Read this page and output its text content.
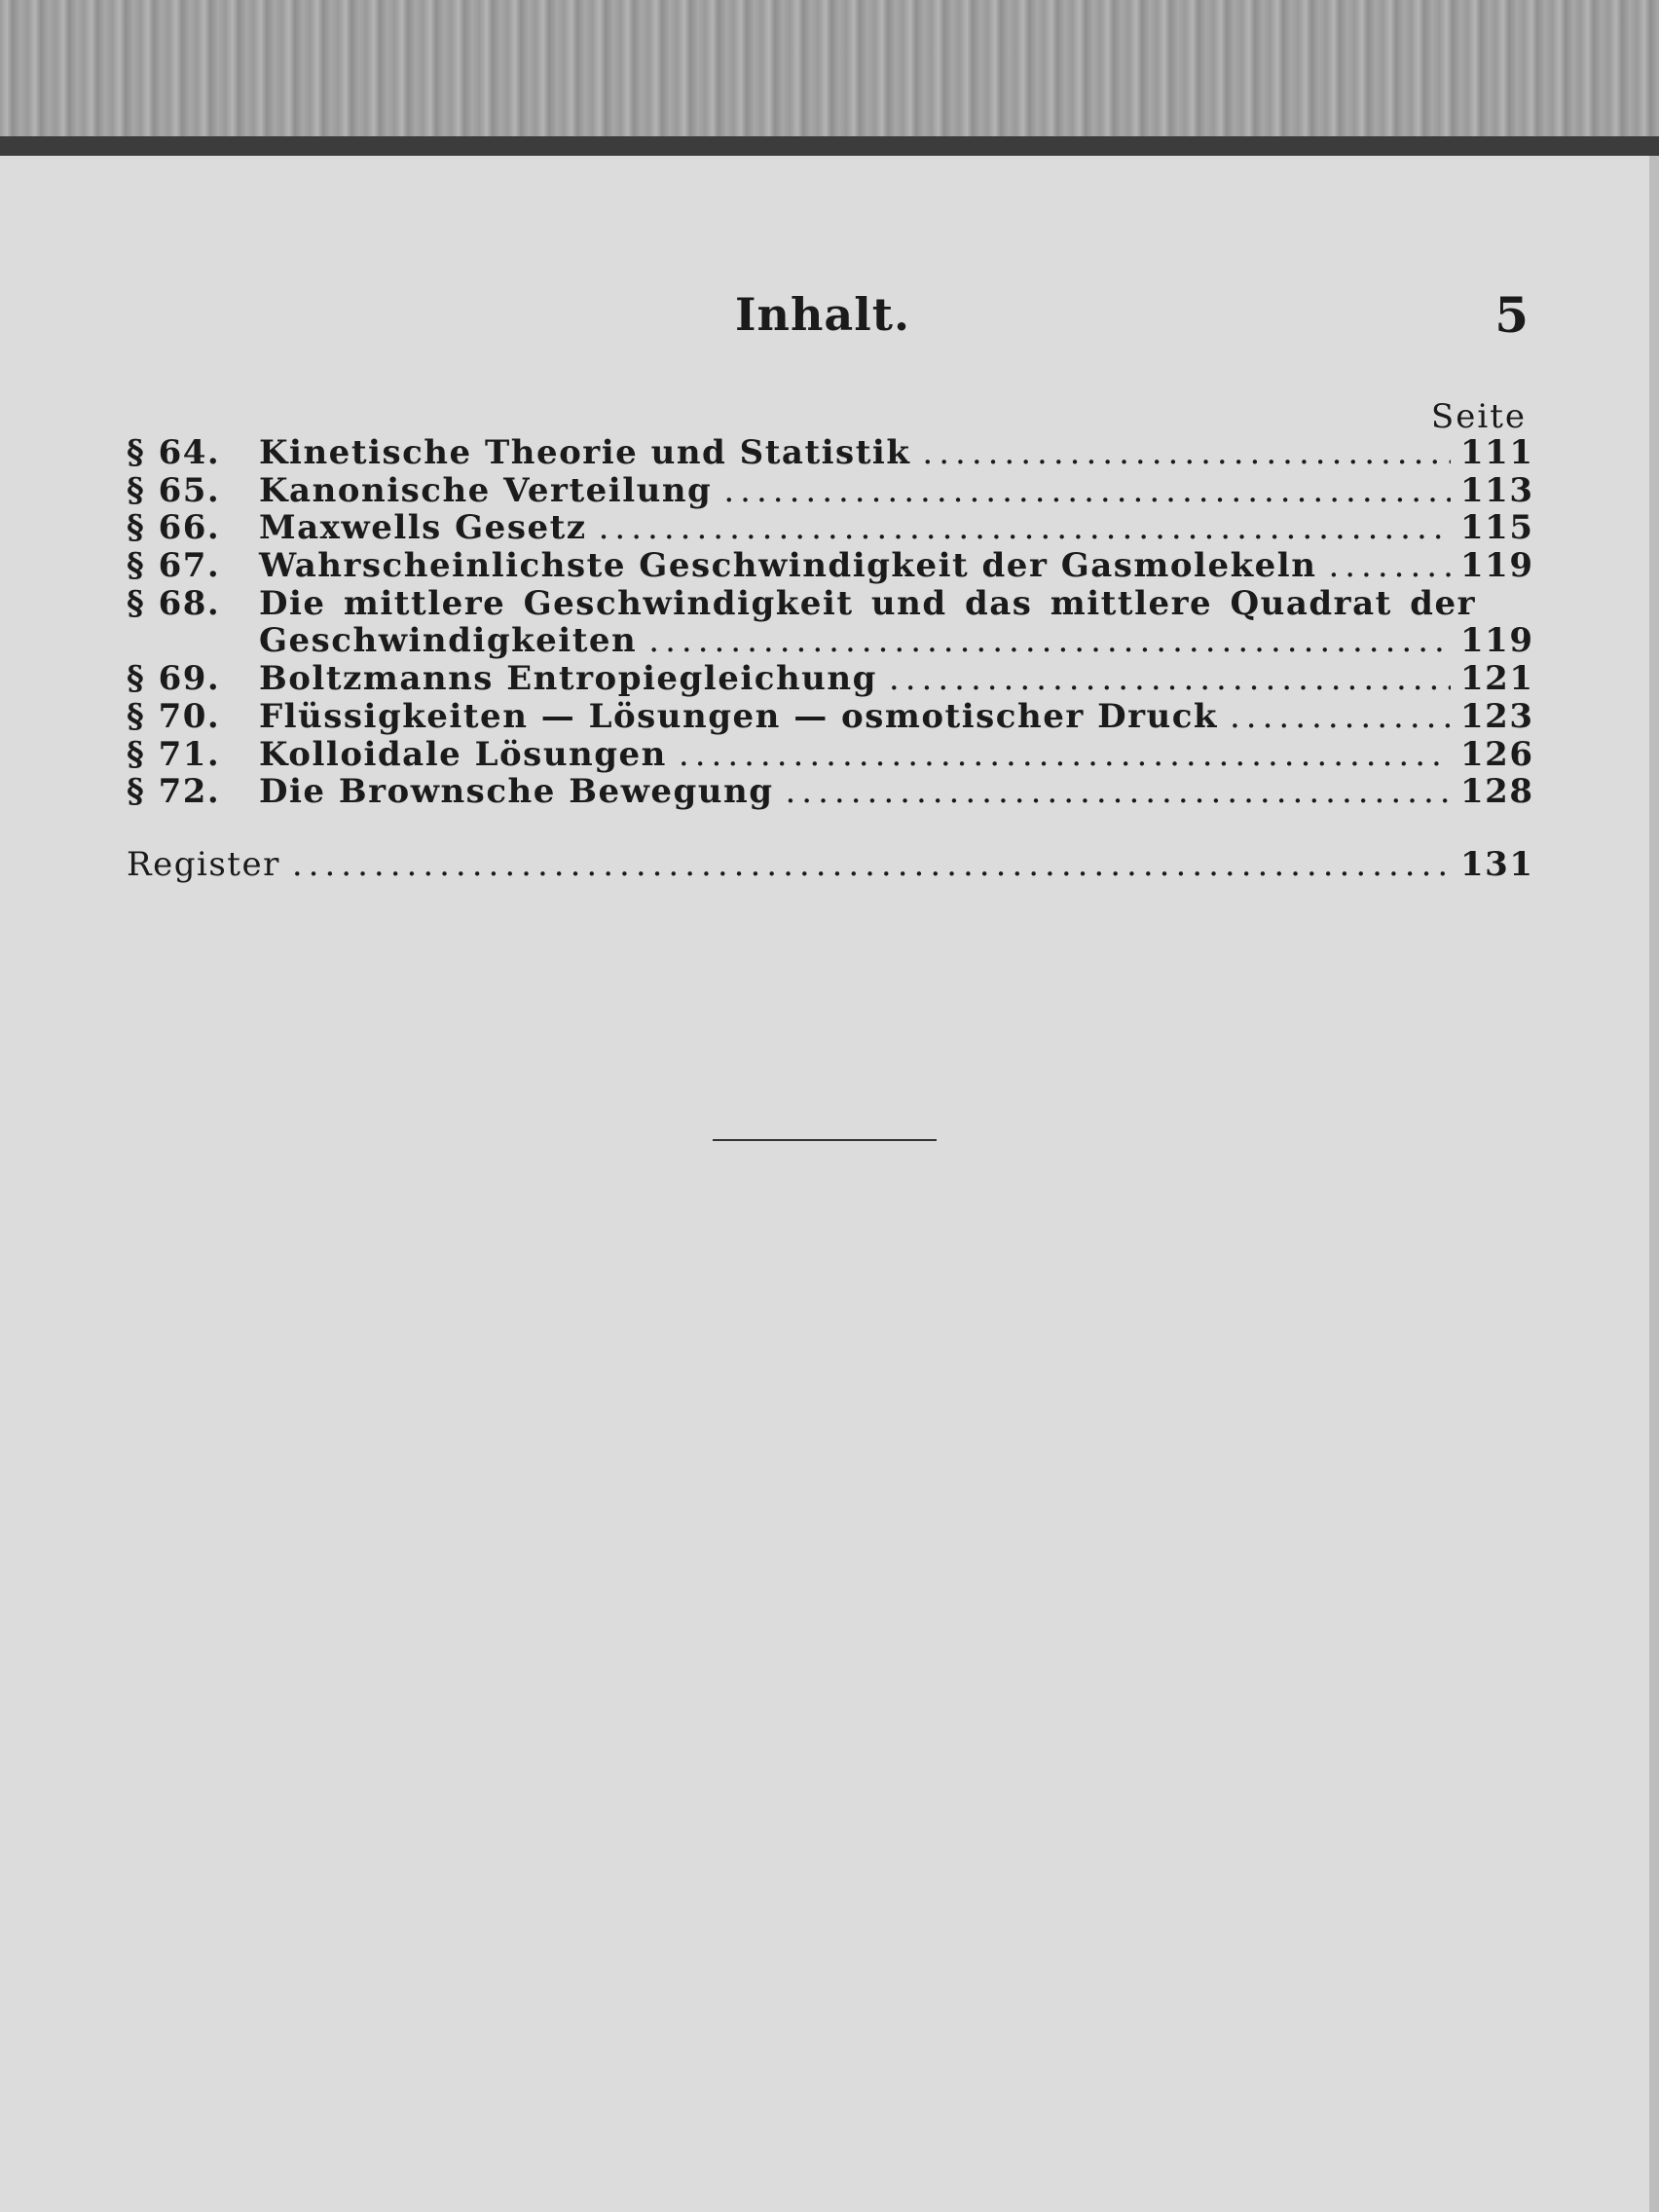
Inhalt.	5
Seite
§ 64.	Kinetische Theorie und Statistik .....	111
§ 65.	Kanonische Verteilung .....	113
§ 66.	Maxwells Gesetz .....	115
§ 67.	Wahrscheinlichste Geschwindigkeit der Gasmolekeln .....	119
§ 68.	Die mittlere Geschwindigkeit und das mittlere Quadrat der
Geschwindigkeiten .....	119
§ 69.	Boltzmanns Entropiegleichung .....	121
§ 70.	Flüssigkeiten — Lösungen — osmotischer Druck .....	123
§ 71.	Kolloidale Lösungen .....	126
§ 72.	Die Brownsche Bewegung .....	128
Register .....	131
